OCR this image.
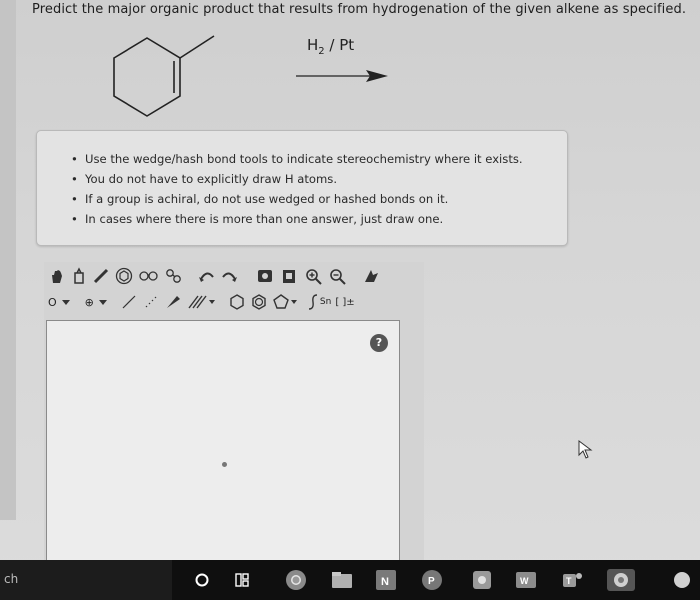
Predict the major organic product that results from hydrogenation of the given alkene as specified.
$H_2$ / Pt
• Use the wedge/hash bond tools to indicate stereochemistry where it exists.
• You do not have to explicitly draw H atoms.
• If a group is achiral, do not use wedged or hashed bonds on it.
• In cases where there is more than one answer, just draw one.
O	⊕	Sn [ ]±
?
ch	N	P	W	T
